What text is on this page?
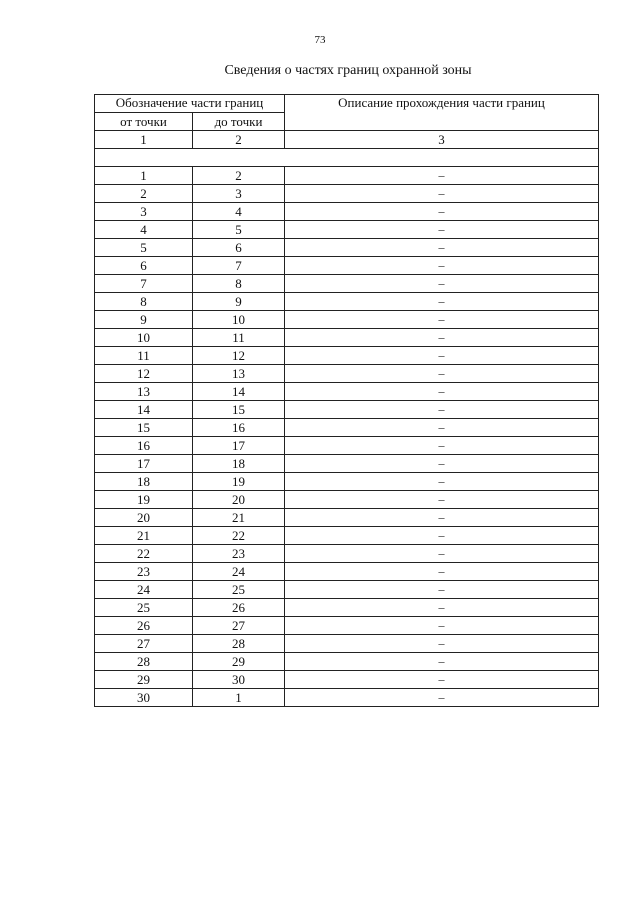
73
Сведения о частях границ охранной зоны
Обозначение части границ		Описание прохождения части границ
от точки	до точки	
1	2	3

1	2	–
2	3	–
3	4	–
4	5	–
5	6	–
6	7	–
7	8	–
8	9	–
9	10	–
10	11	–
11	12	–
12	13	–
13	14	–
14	15	–
15	16	–
16	17	–
17	18	–
18	19	–
19	20	–
20	21	–
21	22	–
22	23	–
23	24	–
24	25	–
25	26	–
26	27	–
27	28	–
28	29	–
29	30	–
30	1	–
